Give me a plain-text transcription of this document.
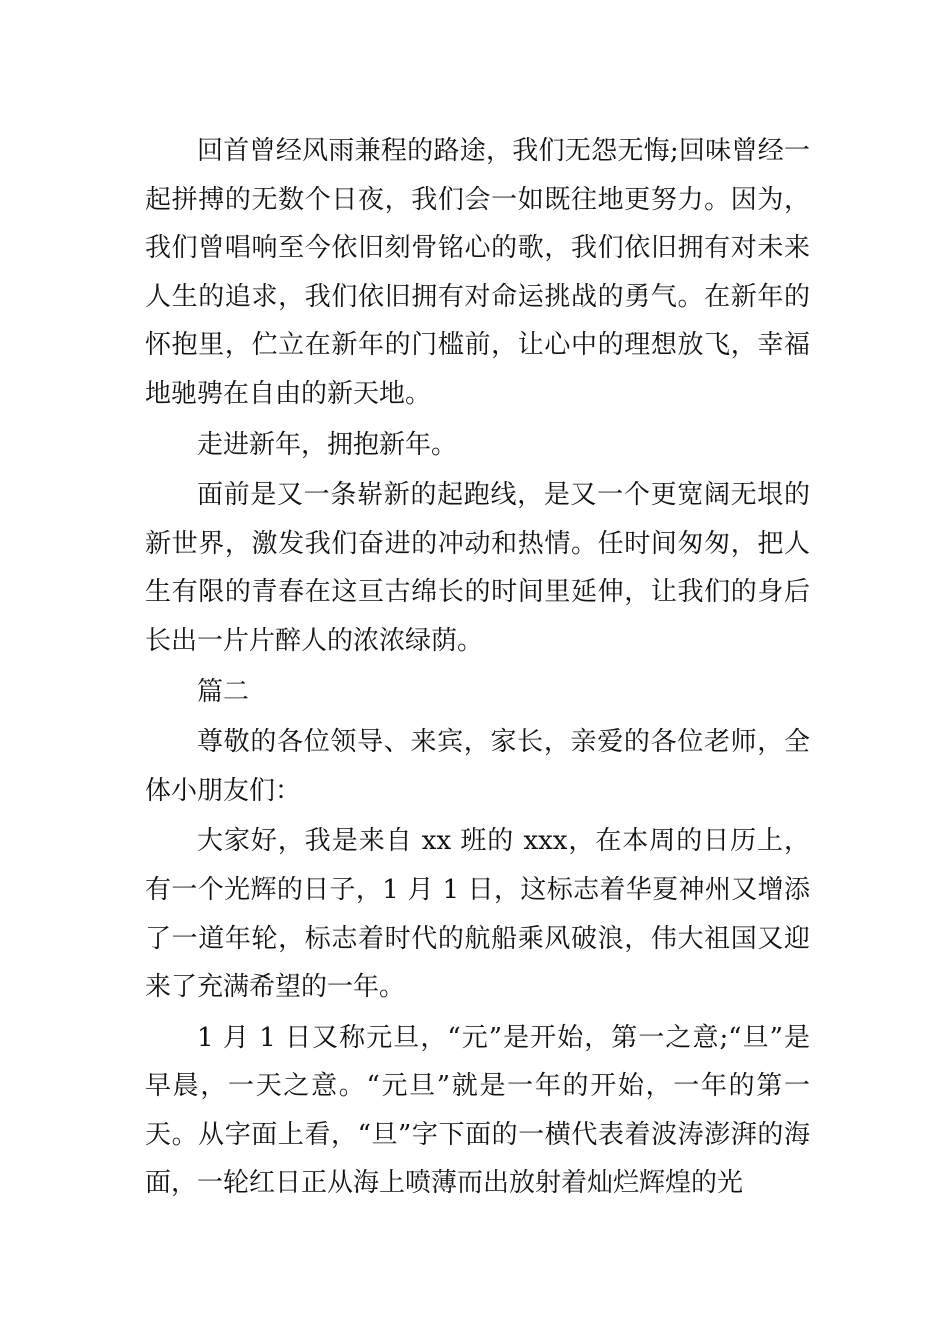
回首曾经风雨兼程的路途，我们无怨无悔;回味曾经一起拼搏的无数个日夜，我们会一如既往地更努力。因为，我们曾唱响至今依旧刻骨铭心的歌，我们依旧拥有对未来人生的追求，我们依旧拥有对命运挑战的勇气。在新年的怀抱里，伫立在新年的门槛前，让心中的理想放飞，幸福地驰骋在自由的新天地。

走进新年，拥抱新年。

面前是又一条崭新的起跑线，是又一个更宽阔无垠的新世界，激发我们奋进的冲动和热情。任时间匆匆，把人生有限的青春在这亘古绵长的时间里延伸，让我们的身后长出一片片醉人的浓浓绿荫。

篇二

尊敬的各位领导、来宾，家长，亲爱的各位老师，全体小朋友们：

大家好，我是来自 xx 班的 xxx，在本周的日历上，有一个光辉的日子，1 月 1 日，这标志着华夏神州又增添了一道年轮，标志着时代的航船乘风破浪，伟大祖国又迎来了充满希望的一年。

1 月 1 日又称元旦，“元”是开始，第一之意;“旦”是早晨，一天之意。“元旦”就是一年的开始，一年的第一天。从字面上看，“旦”字下面的一横代表着波涛澎湃的海面，一轮红日正从海上喷薄而出放射着灿烂辉煌的光
